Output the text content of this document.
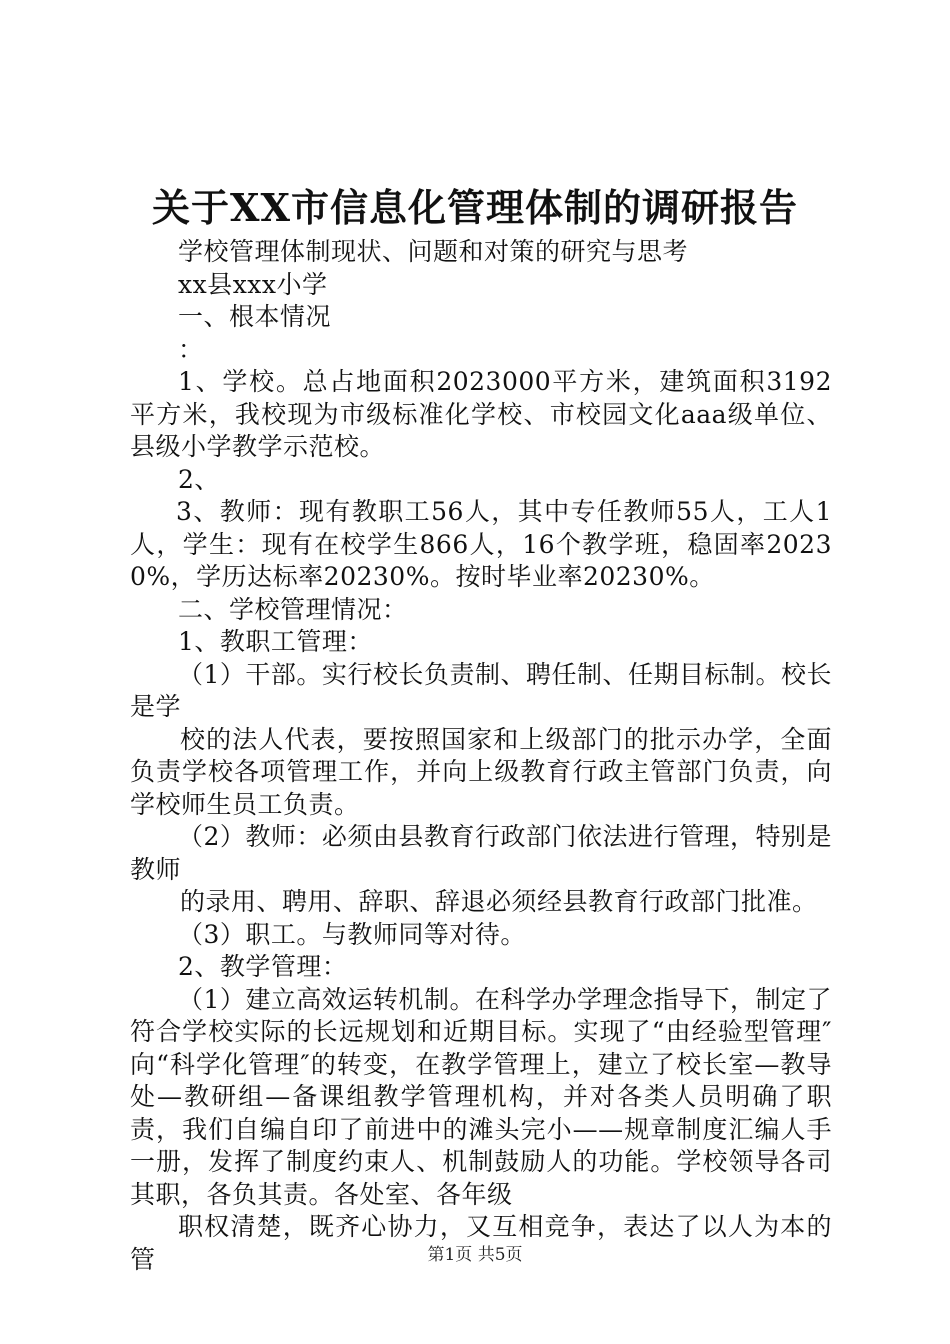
关于XX市信息化管理体制的调研报告

学校管理体制现状、问题和对策的研究与思考

xx县xxx小学

一、根本情况

：

1、学校。总占地面积2023000平方米，建筑面积3192平方米，我校现为市级标准化学校、市校园文化aaa级单位、县级小学教学示范校。

2、

3、教师：现有教职工56人，其中专任教师55人，工人1人，学生：现有在校学生866人，16个教学班，稳固率20230%，学历达标率20230%。按时毕业率20230%。

二、学校管理情况：

1、教职工管理：

（1）干部。实行校长负责制、聘任制、任期目标制。校长是学

校的法人代表，要按照国家和上级部门的批示办学，全面负责学校各项管理工作，并向上级教育行政主管部门负责，向学校师生员工负责。

（2）教师：必须由县教育行政部门依法进行管理，特别是教师

的录用、聘用、辞职、辞退必须经县教育行政部门批准。

（3）职工。与教师同等对待。

2、教学管理：

（1）建立高效运转机制。在科学办学理念指导下，制定了符合学校实际的长远规划和近期目标。实现了“由经验型管理″向“科学化管理″的转变，在教学管理上，建立了校长室—教导处—教研组—备课组教学管理机构，并对各类人员明确了职责，我们自编自印了前进中的滩头完小——规章制度汇编人手一册，发挥了制度约束人、机制鼓励人的功能。学校领导各司其职，各负其责。各处室、各年级

职权清楚，既齐心协力，又互相竞争，表达了以人为本的管	第1页 共5页
